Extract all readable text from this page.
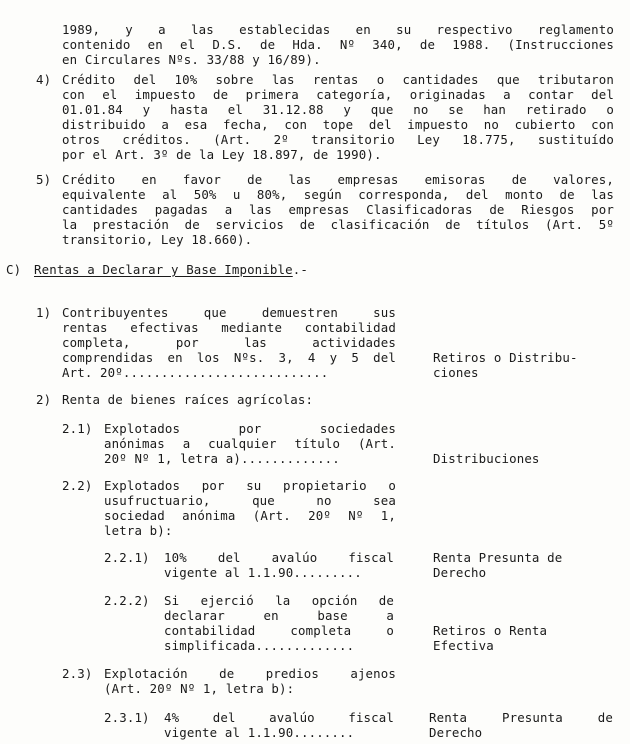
1989, y a las establecidas en su respectivo reglamento
contenido en el D.S. de Hda. Nº 340, de 1988. (Instrucciones
en Circulares Nºs. 33/88 y 16/89).
4) Crédito del 10% sobre las rentas o cantidades que tributaron
con el impuesto de primera categoría, originadas a contar del
01.01.84 y hasta el 31.12.88 y que no se han retirado o
distribuido a esa fecha, con tope del impuesto no cubierto con
otros créditos. (Art. 2º transitorio Ley 18.775, sustituído
por el Art. 3º de la Ley 18.897, de 1990).
5) Crédito en favor de las empresas emisoras de valores,
equivalente al 50% u 80%, según corresponda, del monto de las
cantidades pagadas a las empresas Clasificadoras de Riesgos por
la prestación de servicios de clasificación de títulos (Art. 5º
transitorio, Ley 18.660).
C) Rentas a Declarar y Base Imponible.-
1) Contribuyentes que demuestren sus
rentas efectivas mediante contabilidad
completa, por las actividades
comprendidas en los Nºs. 3, 4 y 5 del
Art. 20º...........................
Retiros o Distribu-
ciones
2) Renta de bienes raíces agrícolas:
2.1) Explotados por sociedades
anónimas a cualquier título (Art.
20º Nº 1, letra a).............	Distribuciones
2.2) Explotados por su propietario o
usufructuario, que no sea
sociedad anónima (Art. 20º Nº 1,
letra b):
2.2.1) 10% del avalúo fiscal
vigente al 1.1.90.........
Renta Presunta de
Derecho
2.2.2) Si ejerció la opción de
declarar en base a
contabilidad completa o
simplificada.............
Retiros o Renta
Efectiva
2.3) Explotación de predios ajenos
(Art. 20º Nº 1, letra b):
2.3.1) 4% del avalúo fiscal
vigente al 1.1.90........
Renta Presunta de
Derecho
